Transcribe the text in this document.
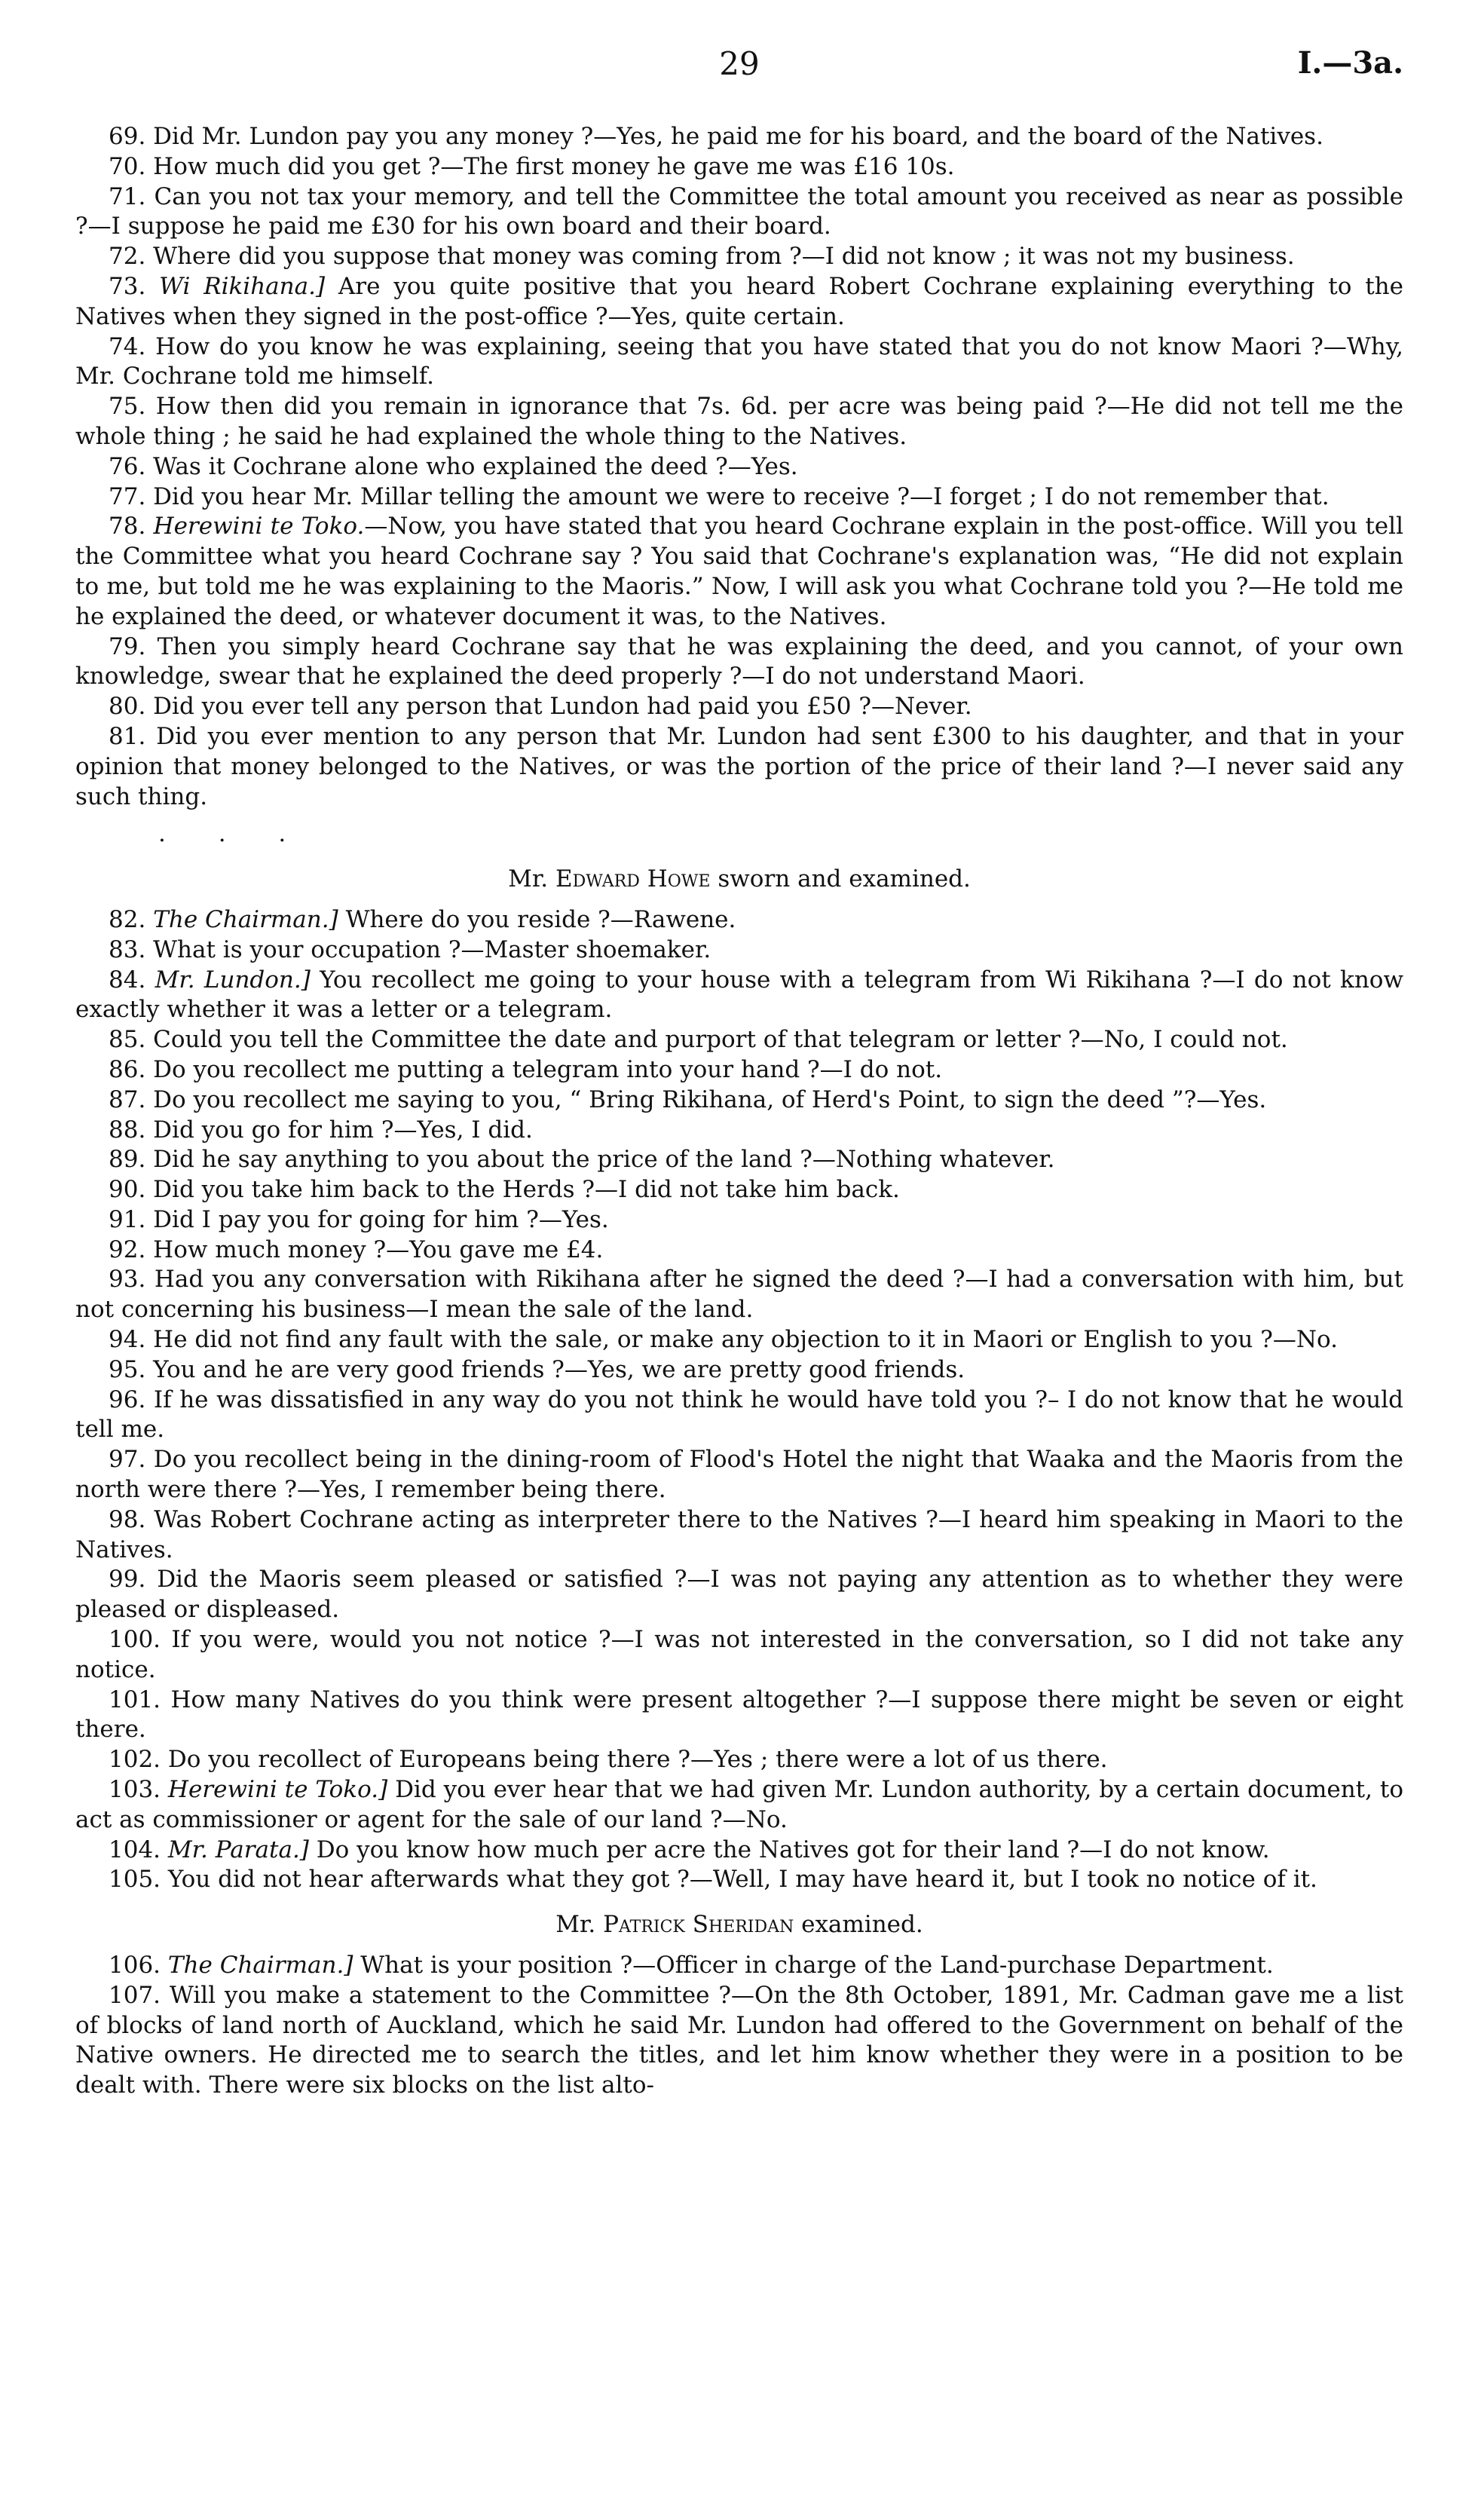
29	I.—3a.

69. Did Mr. Lundon pay you any money ?—Yes, he paid me for his board, and the board of the Natives.

70. How much did you get ?—The first money he gave me was £16 10s.

71. Can you not tax your memory, and tell the Committee the total amount you received as near as possible ?—I suppose he paid me £30 for his own board and their board.

72. Where did you suppose that money was coming from ?—I did not know ; it was not my business.

73. Wi Rikihana.] Are you quite positive that you heard Robert Cochrane explaining everything to the Natives when they signed in the post-office ?—Yes, quite certain.

74. How do you know he was explaining, seeing that you have stated that you do not know Maori ?—Why, Mr. Cochrane told me himself.

75. How then did you remain in ignorance that 7s. 6d. per acre was being paid ?—He did not tell me the whole thing ; he said he had explained the whole thing to the Natives.

76. Was it Cochrane alone who explained the deed ?—Yes.

77. Did you hear Mr. Millar telling the amount we were to receive ?—I forget ; I do not remember that.

78. Herewini te Toko.—Now, you have stated that you heard Cochrane explain in the post-office. Will you tell the Committee what you heard Cochrane say ? You said that Cochrane's explanation was, “He did not explain to me, but told me he was explaining to the Maoris.” Now, I will ask you what Cochrane told you ?—He told me he explained the deed, or whatever document it was, to the Natives.

79. Then you simply heard Cochrane say that he was explaining the deed, and you cannot, of your own knowledge, swear that he explained the deed properly ?—I do not understand Maori.

80. Did you ever tell any person that Lundon had paid you £50 ?—Never.

81. Did you ever mention to any person that Mr. Lundon had sent £300 to his daughter, and that in your opinion that money belonged to the Natives, or was the portion of the price of their land ?—I never said any such thing.

. . .
Mr. Edward Howe sworn and examined.

82. The Chairman.] Where do you reside ?—Rawene.

83. What is your occupation ?—Master shoemaker.

84. Mr. Lundon.] You recollect me going to your house with a telegram from Wi Rikihana ?—I do not know exactly whether it was a letter or a telegram.

85. Could you tell the Committee the date and purport of that telegram or letter ?—No, I could not.

86. Do you recollect me putting a telegram into your hand ?—I do not.

87. Do you recollect me saying to you, “ Bring Rikihana, of Herd's Point, to sign the deed ”?—Yes.

88. Did you go for him ?—Yes, I did.

89. Did he say anything to you about the price of the land ?—Nothing whatever.

90. Did you take him back to the Herds ?—I did not take him back.

91. Did I pay you for going for him ?—Yes.

92. How much money ?—You gave me £4.

93. Had you any conversation with Rikihana after he signed the deed ?—I had a conversation with him, but not concerning his business—I mean the sale of the land.

94. He did not find any fault with the sale, or make any objection to it in Maori or English to you ?—No.

95. You and he are very good friends ?—Yes, we are pretty good friends.

96. If he was dissatisfied in any way do you not think he would have told you ?– I do not know that he would tell me.

97. Do you recollect being in the dining-room of Flood's Hotel the night that Waaka and the Maoris from the north were there ?—Yes, I remember being there.

98. Was Robert Cochrane acting as interpreter there to the Natives ?—I heard him speaking in Maori to the Natives.

99. Did the Maoris seem pleased or satisfied ?—I was not paying any attention as to whether they were pleased or displeased.

100. If you were, would you not notice ?—I was not interested in the conversation, so I did not take any notice.

101. How many Natives do you think were present altogether ?—I suppose there might be seven or eight there.

102. Do you recollect of Europeans being there ?—Yes ; there were a lot of us there.

103. Herewini te Toko.] Did you ever hear that we had given Mr. Lundon authority, by a certain document, to act as commissioner or agent for the sale of our land ?—No.

104. Mr. Parata.] Do you know how much per acre the Natives got for their land ?—I do not know.

105. You did not hear afterwards what they got ?—Well, I may have heard it, but I took no notice of it.

Mr. Patrick Sheridan examined.

106. The Chairman.] What is your position ?—Officer in charge of the Land-purchase Department.

107. Will you make a statement to the Committee ?—On the 8th October, 1891, Mr. Cadman gave me a list of blocks of land north of Auckland, which he said Mr. Lundon had offered to the Government on behalf of the Native owners. He directed me to search the titles, and let him know whether they were in a position to be dealt with. There were six blocks on the list alto-
